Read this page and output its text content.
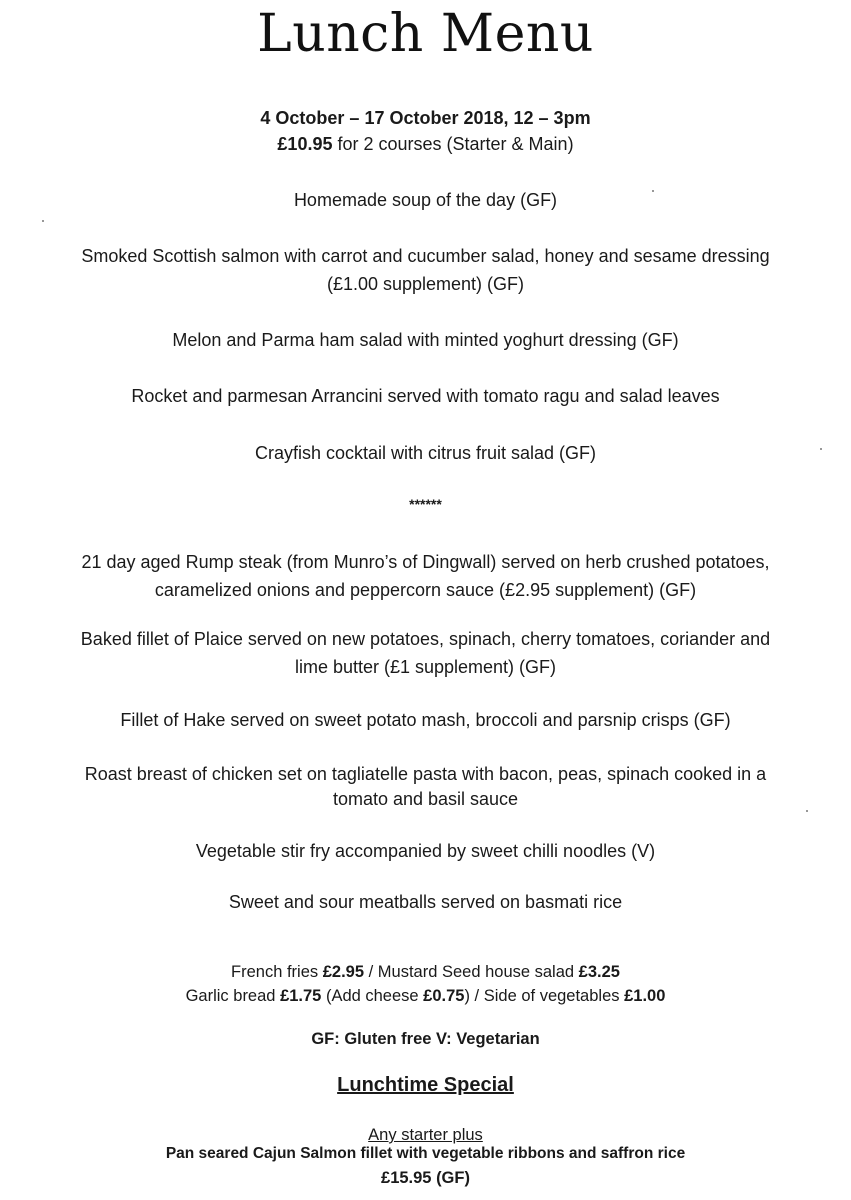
Lunch Menu
4 October – 17 October 2018, 12 – 3pm
£10.95 for 2 courses (Starter & Main)
Homemade soup of the day (GF)
Smoked Scottish salmon with carrot and cucumber salad, honey and sesame dressing
(£1.00 supplement) (GF)
Melon and Parma ham salad with minted yoghurt dressing (GF)
Rocket and parmesan Arrancini served with tomato ragu and salad leaves
Crayfish cocktail with citrus fruit salad (GF)
******
21 day aged Rump steak (from Munro’s of Dingwall) served on herb crushed potatoes,
caramelized onions and peppercorn sauce (£2.95 supplement) (GF)
Baked fillet of Plaice served on new potatoes, spinach, cherry tomatoes, coriander and
lime butter (£1 supplement) (GF)
Fillet of Hake served on sweet potato mash, broccoli and parsnip crisps (GF)
Roast breast of chicken set on tagliatelle pasta with bacon, peas, spinach cooked in a
tomato and basil sauce
Vegetable stir fry accompanied by sweet chilli noodles (V)
Sweet and sour meatballs served on basmati rice
French fries £2.95 / Mustard Seed house salad £3.25
Garlic bread £1.75 (Add cheese £0.75) / Side of vegetables £1.00
GF: Gluten free V: Vegetarian
Lunchtime Special
Any starter plus
Pan seared Cajun Salmon fillet with vegetable ribbons and saffron rice
£15.95 (GF)
